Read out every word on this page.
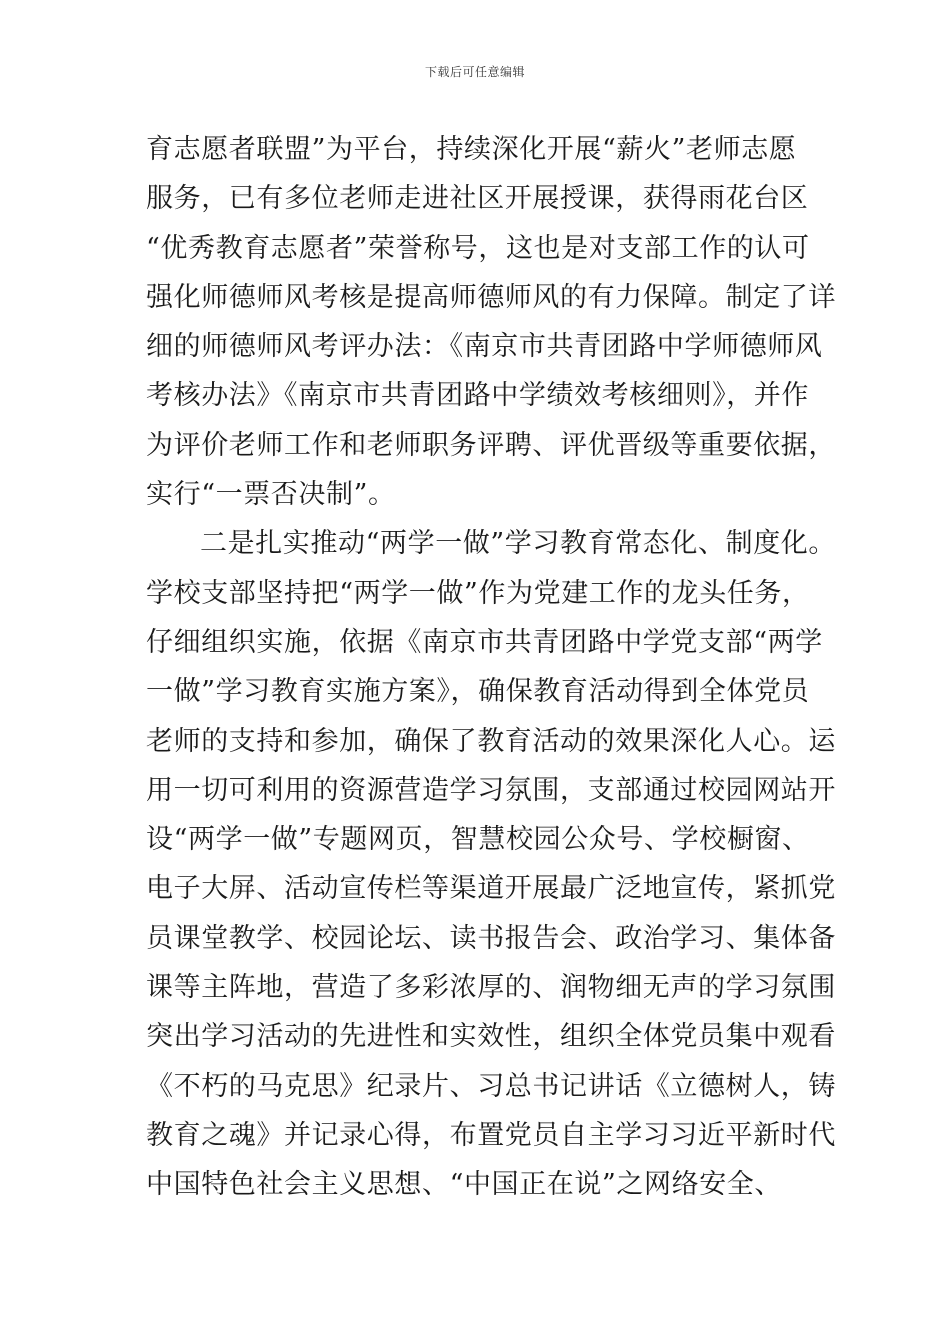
下载后可任意编辑
育志愿者联盟”为平台，持续深化开展“薪火”老师志愿
服务，已有多位老师走进社区开展授课，获得雨花台区
“优秀教育志愿者”荣誉称号，这也是对支部工作的认可
强化师德师风考核是提高师德师风的有力保障。制定了详
细的师德师风考评办法：《南京市共青团路中学师德师风
考核办法》《南京市共青团路中学绩效考核细则》，并作
为评价老师工作和老师职务评聘、评优晋级等重要依据，
实行“一票否决制”。
二是扎实推动“两学一做”学习教育常态化、制度化。
学校支部坚持把“两学一做”作为党建工作的龙头任务，
仔细组织实施，依据《南京市共青团路中学党支部“两学
一做”学习教育实施方案》，确保教育活动得到全体党员
老师的支持和参加，确保了教育活动的效果深化人心。运
用一切可利用的资源营造学习氛围，支部通过校园网站开
设“两学一做”专题网页，智慧校园公众号、学校橱窗、
电子大屏、活动宣传栏等渠道开展最广泛地宣传，紧抓党
员课堂教学、校园论坛、读书报告会、政治学习、集体备
课等主阵地，营造了多彩浓厚的、润物细无声的学习氛围
突出学习活动的先进性和实效性，组织全体党员集中观看
《不朽的马克思》纪录片、习总书记讲话《立德树人，铸
教育之魂》并记录心得，布置党员自主学习习近平新时代
中国特色社会主义思想、“中国正在说”之网络安全、
